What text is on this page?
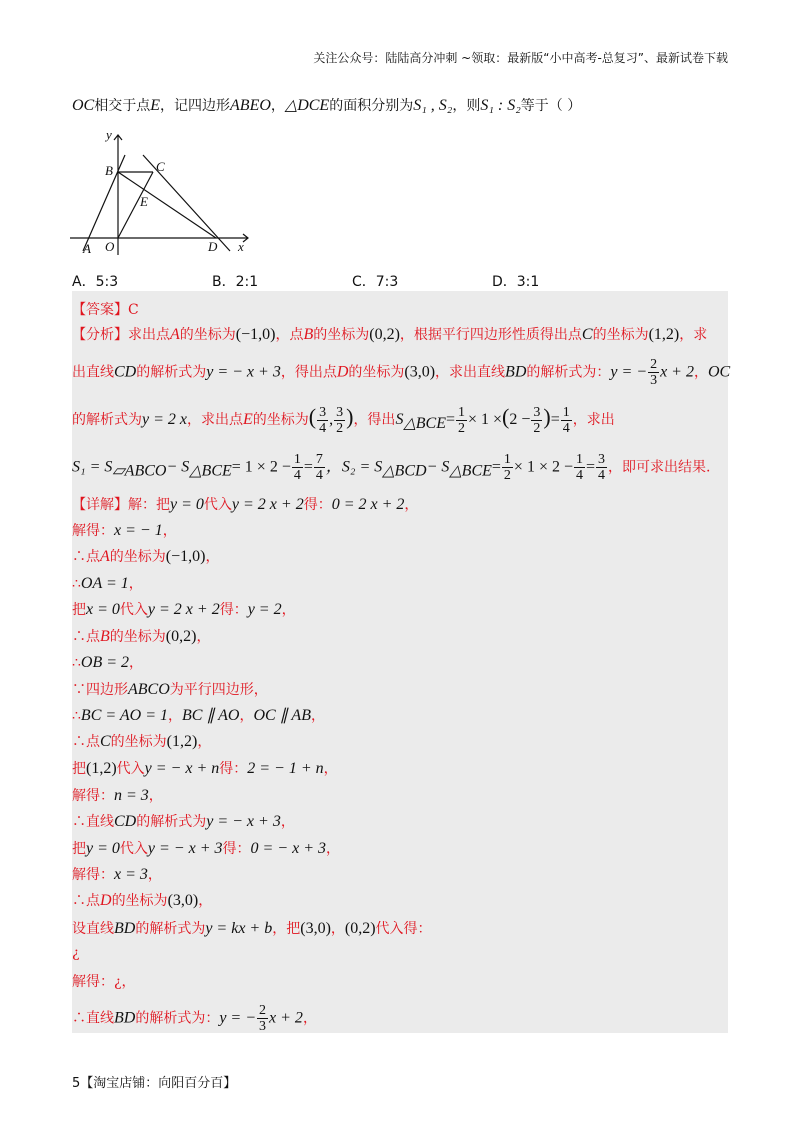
关注公众号：陆陆高分冲刺 ~领取：最新版“小中高考-总复习”、最新试卷下载
OC相交于点E，记四边形ABEO，△DCE的面积分别为S₁ , S₂，则S₁ : S₂等于（ ）
y
B	C
E
A O	D x
A．5:3	B．2:1	C．7:3	D．3:1
【答案】C
【分析】求出点A的坐标为(−1,0)，点B的坐标为(0,2)，根据平行四边形性质得出点C的坐标为(1,2)，求
出直线CD的解析式为y = − x + 3，得出点D的坐标为(3,0)，求出直线BD的解析式为：y = − $\frac{2}{3}$ x + 2，OC
的解析式为y = 2 x，求出点E的坐标为( $\frac{3}{4}$ , $\frac{3}{2}$ )，得出$S_{\triangle BCE}= \frac{1}{2} \times 1 \times(2 - \frac{3}{2}$ )= $\frac{1}{4}$ ，求出
$S_1 = S_{▱ABCO}- S_{\triangle BCE}= 1 \times 2 - \frac{1}{4} = \frac{7}{4}$ ，$S_2 = S_{\triangle BCD}- S_{\triangle BCE}= \frac{1}{2} \times 1 \times 2 - \frac{1}{4} = \frac{3}{4}$ ，即可求出结果.
【详解】解：把y = 0代入y = 2 x + 2得：0 = 2 x + 2，
解得：x = − 1，
∴点A的坐标为(−1,0)，
∴OA = 1，
把x = 0代入y = 2 x + 2得：y = 2，
∴点B的坐标为(0,2)，
∴OB = 2，
∵四边形ABCO为平行四边形，
∴BC = AO = 1，BC ∥ AO，OC ∥ AB，
∴点C的坐标为(1,2)，
把(1,2)代入y = − x + n得：2 = − 1 + n，
解得：n = 3，
∴直线CD的解析式为y = − x + 3，
把y = 0代入y = − x + 3得：0 = − x + 3，
解得：x = 3，
∴点D的坐标为(3,0)，
设直线BD的解析式为y = kx + b，把(3,0)，(0,2)代入得：
¿
解得：¿，
∴直线BD的解析式为：y = − $\frac{2}{3}$ x + 2，
5【淘宝店铺：向阳百分百】
